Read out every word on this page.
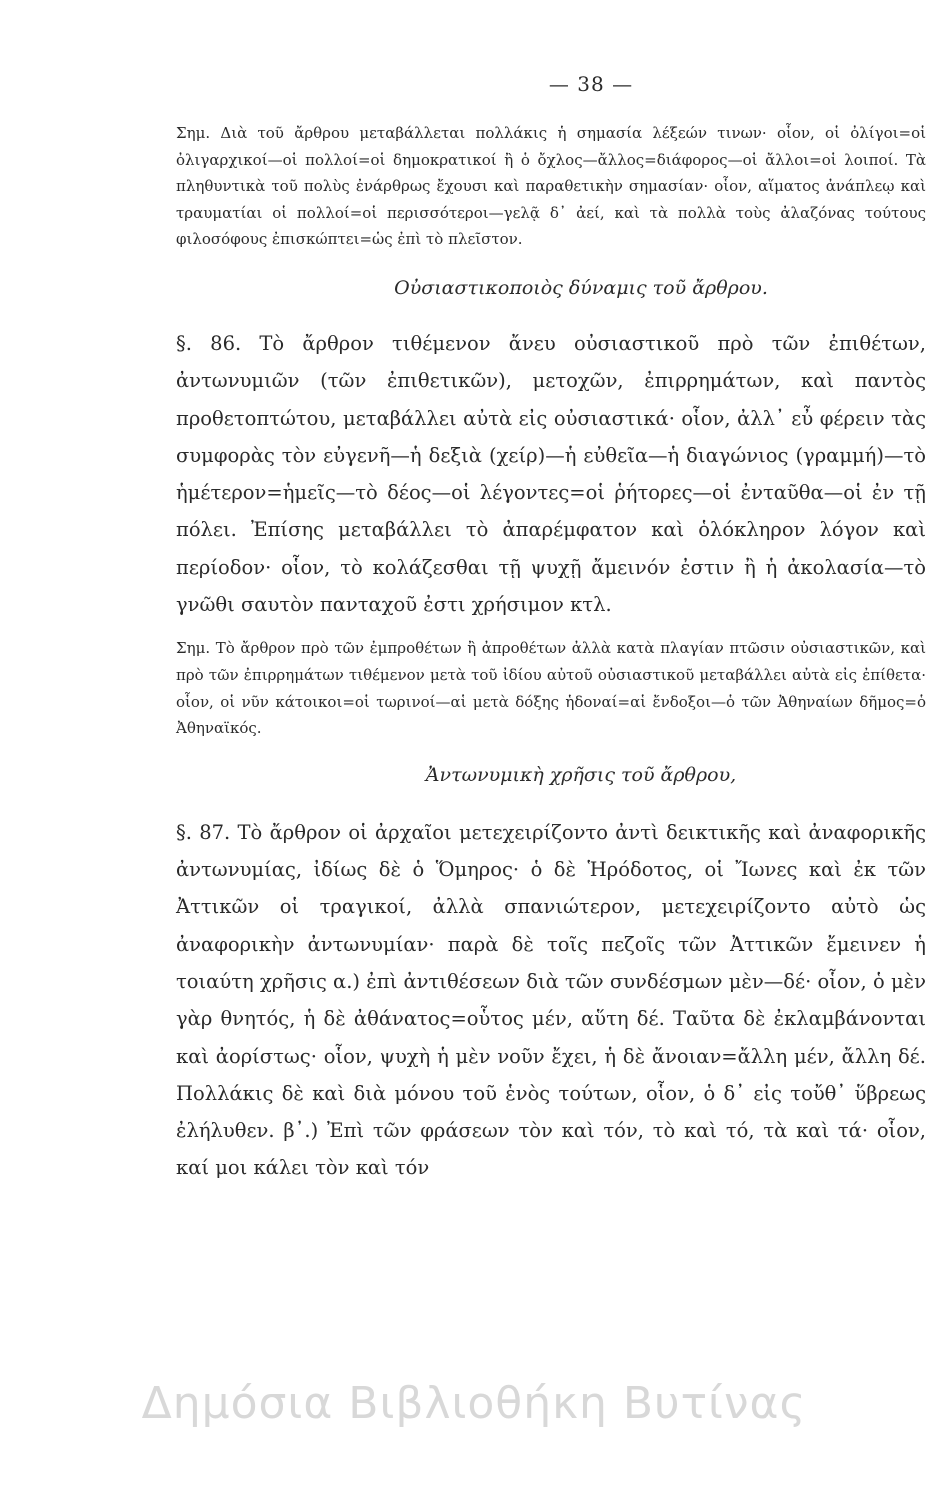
— 38 —

Σημ. Διὰ τοῦ ἄρθρου μεταβάλλεται πολλάκις ἡ σημασία λέξεών τινων· οἷον, οἱ ὀλίγοι=οἱ ὀλιγαρχικοί—οἱ πολλοί=οἱ δημοκρατικοί ἢ ὁ ὄχλος—ἄλλος=διάφορος—οἱ ἄλλοι=οἱ λοιποί. Τὰ πληθυντικὰ τοῦ πολὺς ἐνάρθρως ἔχουσι καὶ παραθετικὴν σημασίαν· οἷον, αἵματος ἀνάπλεῳ καὶ τραυματίαι οἱ πολλοί=οἱ περισσότεροι—γελᾷ δ᾽ ἀεί, καὶ τὰ πολλὰ τοὺς ἀλαζόνας τούτους φιλοσόφους ἐπισκώπτει=ὡς ἐπὶ τὸ πλεῖστον.

Οὐσιαστικοποιὸς δύναμις τοῦ ἄρθρου.

§. 86. Τὸ ἄρθρον τιθέμενον ἄνευ οὐσιαστικοῦ πρὸ τῶν ἐπιθέτων, ἀντωνυμιῶν (τῶν ἐπιθετικῶν), μετοχῶν, ἐπιρρημάτων, καὶ παντὸς προθετοπτώτου, μεταβάλλει αὐτὰ εἰς οὐσιαστικά· οἷον, ἀλλ᾽ εὖ φέρειν τὰς συμφορὰς τὸν εὐγενῆ—ἡ δεξιὰ (χείρ)—ἡ εὐθεῖα—ἡ διαγώνιος (γραμμή)—τὸ ἡμέτερον=ἡμεῖς—τὸ δέος—οἱ λέγοντες=οἱ ῥήτορες—οἱ ἐνταῦθα—οἱ ἐν τῇ πόλει. Ἐπίσης μεταβάλλει τὸ ἀπαρέμφατον καὶ ὁλόκληρον λόγον καὶ περίοδον· οἷον, τὸ κολάζεσθαι τῇ ψυχῇ ἄμεινόν ἐστιν ἢ ἡ ἀκολασία—τὸ γνῶθι σαυτὸν πανταχοῦ ἐστι χρήσιμον κτλ.

Σημ. Τὸ ἄρθρον πρὸ τῶν ἐμπροθέτων ἢ ἀπροθέτων ἀλλὰ κατὰ πλαγίαν πτῶσιν οὐσιαστικῶν, καὶ πρὸ τῶν ἐπιρρημάτων τιθέμενον μετὰ τοῦ ἰδίου αὐτοῦ οὐσιαστικοῦ μεταβάλλει αὐτὰ εἰς ἐπίθετα· οἷον, οἱ νῦν κάτοικοι=οἱ τωρινοί—αἱ μετὰ δόξης ἡδοναί=αἱ ἔνδοξοι—ὁ τῶν Ἀθηναίων δῆμος=ὁ Ἀθηναϊκός.

Ἀντωνυμικὴ χρῆσις τοῦ ἄρθρου,

§. 87. Τὸ ἄρθρον οἱ ἀρχαῖοι μετεχειρίζοντο ἀντὶ δεικτικῆς καὶ ἀναφορικῆς ἀντωνυμίας, ἰδίως δὲ ὁ Ὅμηρος· ὁ δὲ Ἡρόδοτος, οἱ Ἴωνες καὶ ἐκ τῶν Ἀττικῶν οἱ τραγικοί, ἀλλὰ σπανιώτερον, μετεχειρίζοντο αὐτὸ ὡς ἀναφορικὴν ἀντωνυμίαν· παρὰ δὲ τοῖς πεζοῖς τῶν Ἀττικῶν ἔμεινεν ἡ τοιαύτη χρῆσις α.) ἐπὶ ἀντιθέσεων διὰ τῶν συνδέσμων μὲν—δέ· οἷον, ὁ μὲν γὰρ θνητός, ἡ δὲ ἀθάνατος=οὗτος μέν, αὕτη δέ. Ταῦτα δὲ ἐκλαμβάνονται καὶ ἀορίστως· οἷον, ψυχὴ ἡ μὲν νοῦν ἔχει, ἡ δὲ ἄνοιαν=ἄλλη μέν, ἄλλη δέ. Πολλάκις δὲ καὶ διὰ μόνου τοῦ ἑνὸς τούτων, οἷον, ὁ δ᾽ εἰς τοὔθ᾽ ὕβρεως ἐλήλυθεν. β᾽.) Ἐπὶ τῶν φράσεων τὸν καὶ τόν, τὸ καὶ τό, τὰ καὶ τά· οἷον, καί μοι κάλει τὸν καὶ τόν

Δημόσια Βιβλιοθήκη Βυτίνας
